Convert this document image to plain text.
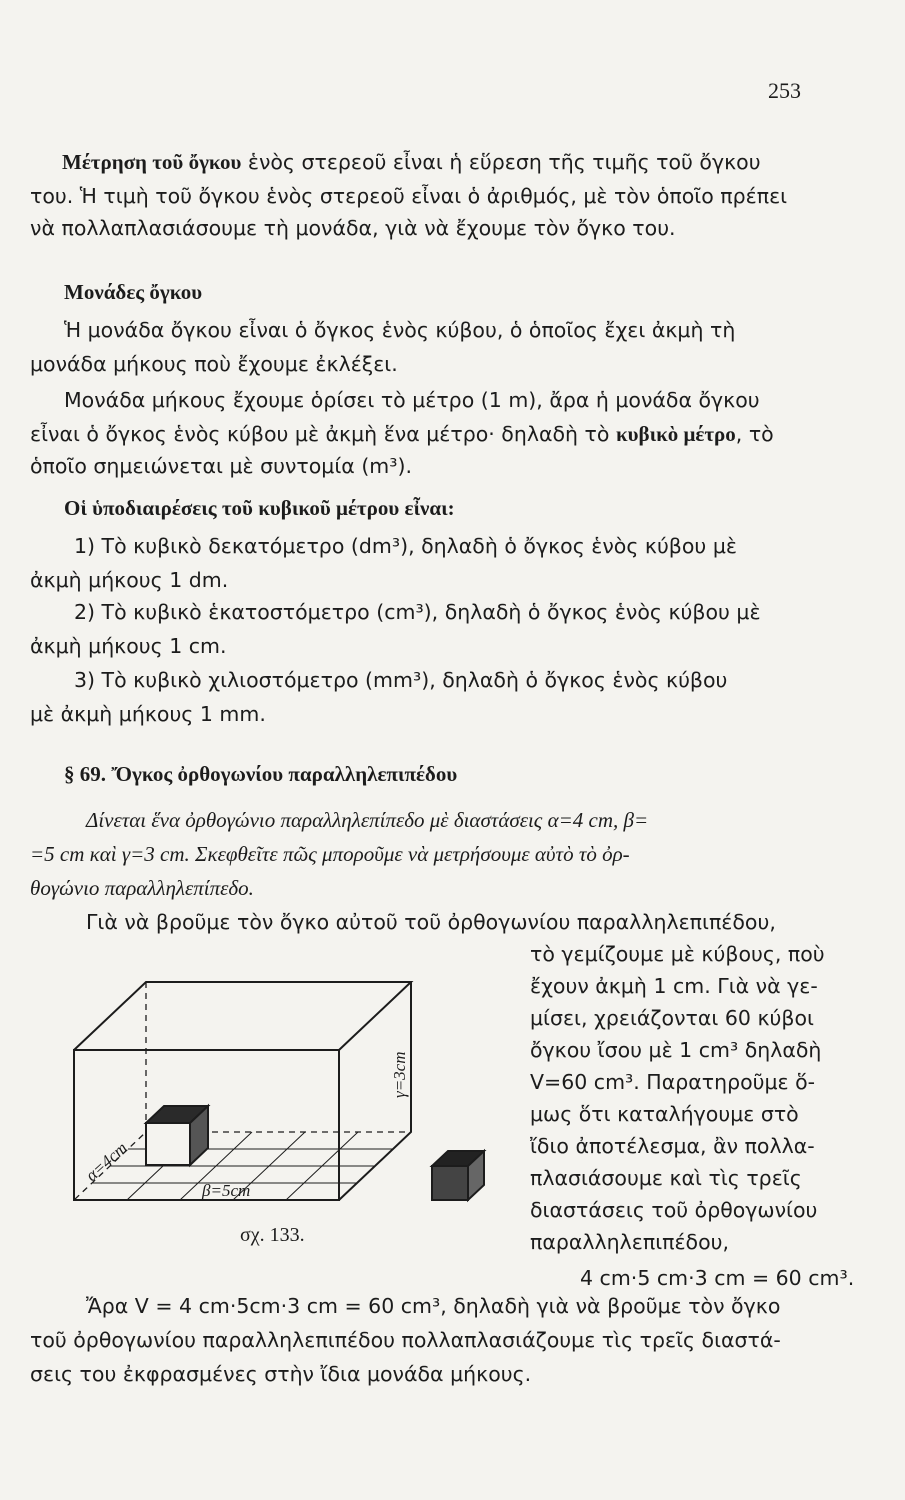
253
Μέτρηση τοῦ ὄγκου ἑνὸς στερεοῦ εἶναι ἡ εὕρεση τῆς τιμῆς τοῦ ὄγκου
του. Ἡ τιμὴ τοῦ ὄγκου ἑνὸς στερεοῦ εἶναι ὁ ἀριθμός, μὲ τὸν ὁποῖο πρέπει
νὰ πολλαπλασιάσουμε τὴ μονάδα, γιὰ νὰ ἔχουμε τὸν ὄγκο του.
Μονάδες ὄγκου
Ἡ μονάδα ὄγκου εἶναι ὁ ὄγκος ἑνὸς κύβου, ὁ ὁποῖος ἔχει ἀκμὴ τὴ
μονάδα μήκους ποὺ ἔχουμε ἐκλέξει.
Μονάδα μήκους ἔχουμε ὁρίσει τὸ μέτρο (1 m), ἄρα ἡ μονάδα ὄγκου
εἶναι ὁ ὄγκος ἑνὸς κύβου μὲ ἀκμὴ ἕνα μέτρο· δηλαδὴ τὸ κυβικὸ μέτρο, τὸ
ὁποῖο σημειώνεται μὲ συντομία (m³).
Οἱ ὑποδιαιρέσεις τοῦ κυβικοῦ μέτρου εἶναι:
1) Τὸ κυβικὸ δεκατόμετρο (dm³), δηλαδὴ ὁ ὄγκος ἑνὸς κύβου μὲ
ἀκμὴ μήκους 1 dm.
2) Τὸ κυβικὸ ἑκατοστόμετρο (cm³), δηλαδὴ ὁ ὄγκος ἑνὸς κύβου μὲ
ἀκμὴ μήκους 1 cm.
3) Τὸ κυβικὸ χιλιοστόμετρο (mm³), δηλαδὴ ὁ ὄγκος ἑνὸς κύβου
μὲ ἀκμὴ μήκους 1 mm.
§ 69. Ὄγκος ὀρθογωνίου παραλληλεπιπέδου
Δίνεται ἕνα ὀρθογώνιο παραλληλεπίπεδο μὲ διαστάσεις α=4 cm, β=
=5 cm καὶ γ=3 cm. Σκεφθεῖτε πῶς μποροῦμε νὰ μετρήσουμε αὐτὸ τὸ ὀρ-
θογώνιο παραλληλεπίπεδο.
Γιὰ νὰ βροῦμε τὸν ὄγκο αὐτοῦ τοῦ ὀρθογωνίου παραλληλεπιπέδου,
τὸ γεμίζουμε μὲ κύβους, ποὺ
ἔχουν ἀκμὴ 1 cm. Γιὰ νὰ γε-
μίσει, χρειάζονται 60 κύβοι
ὄγκου ἴσου μὲ 1 cm³ δηλαδὴ
V=60 cm³. Παρατηροῦμε ὅ-
μως ὅτι καταλήγουμε στὸ
ἴδιο ἀποτέλεσμα, ἂν πολλα-
πλασιάσουμε καὶ τὶς τρεῖς
διαστάσεις τοῦ ὀρθογωνίου
παραλληλεπιπέδου,
4 cm·5 cm·3 cm = 60 cm³.
γ=3cm
α=4cm
β=5cm
σχ. 133.
Ἄρα V = 4 cm·5cm·3 cm = 60 cm³, δηλαδὴ γιὰ νὰ βροῦμε τὸν ὄγκο
τοῦ ὀρθογωνίου παραλληλεπιπέδου πολλαπλασιάζουμε τὶς τρεῖς διαστά-
σεις του ἐκφρασμένες στὴν ἴδια μονάδα μήκους.
